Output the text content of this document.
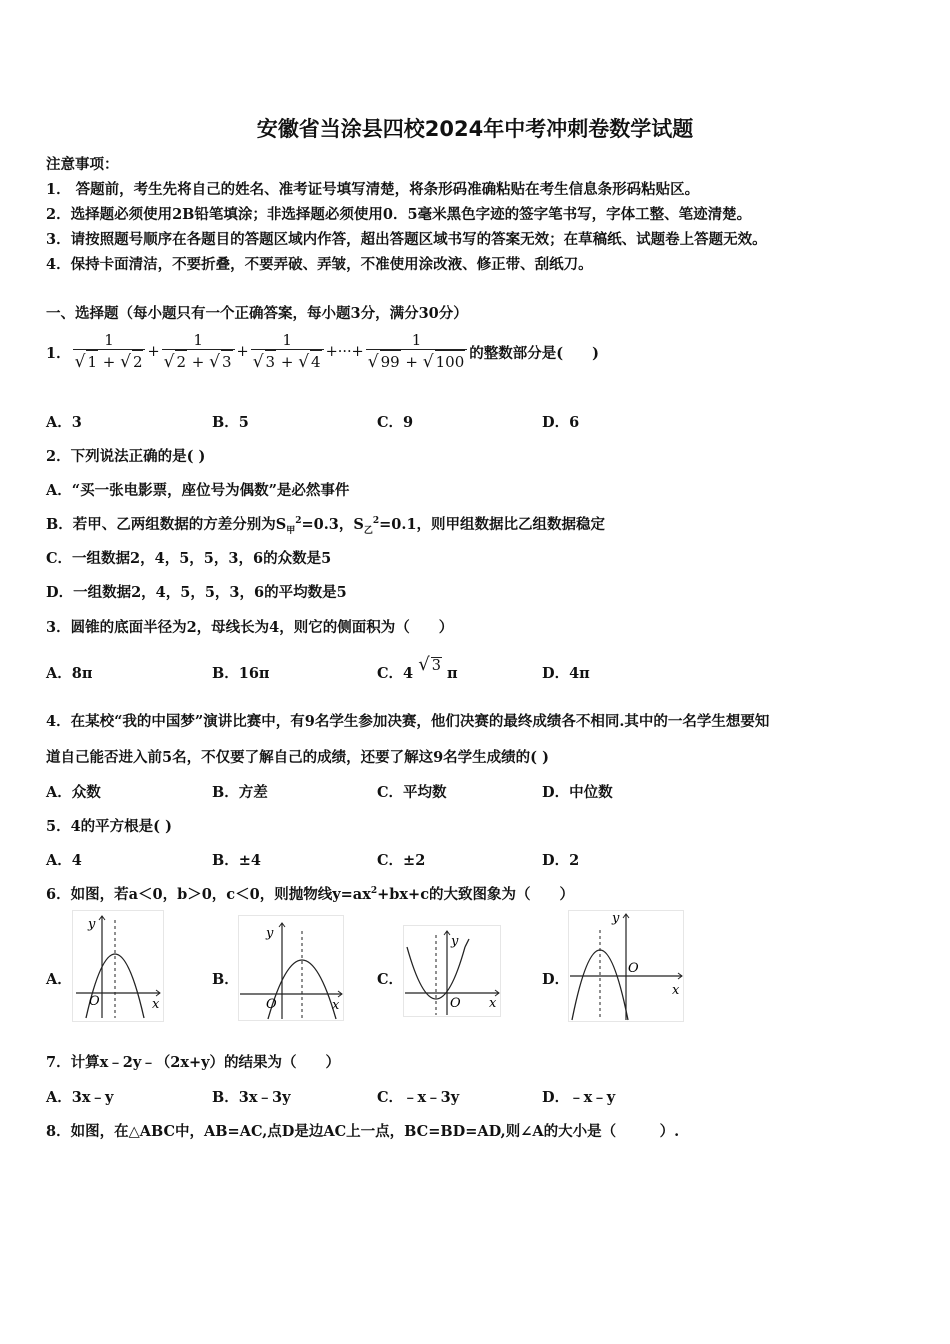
安徽省当涂县四校2024年中考冲刺卷数学试题
注意事项：
1． 答题前，考生先将自己的姓名、准考证号填写清楚，将条形码准确粘贴在考生信息条形码粘贴区。
2．选择题必须使用2B铅笔填涂；非选择题必须使用0．5毫米黑色字迹的签字笔书写，字体工整、笔迹清楚。
3．请按照题号顺序在各题目的答题区域内作答，超出答题区域书写的答案无效；在草稿纸、试题卷上答题无效。
4．保持卡面清洁，不要折叠，不要弄破、弄皱，不准使用涂改液、修正带、刮纸刀。
一、选择题（每小题只有一个正确答案，每小题3分，满分30分）
1． $\frac{1}{√ 1 + √ 2} + \frac{1}{√ 2 + √ 3} + \frac{1}{√ 3 + √ 4}$ +···+ $\frac{1}{√ 99 + √ 100}$ 的整数部分是(　　)
A．3	B．5	C．9	D．6
2．下列说法正确的是( )
A．“买一张电影票，座位号为偶数”是必然事件
B．若甲、乙两组数据的方差分别为$S_甲^2=0.3$，$S_乙^2=0.1$，则甲组数据比乙组数据稳定
C．一组数据2，4，5，5，3，6的众数是5
D．一组数据2，4，5，5，3，6的平均数是5
3．圆锥的底面半径为2，母线长为4，则它的侧面积为（　　）
A．8π	B．16π	C．4 √ 3 π	D．4π
4．在某校“我的中国梦”演讲比赛中，有9名学生参加决赛，他们决赛的最终成绩各不相同.其中的一名学生想要知
道自己能否进入前5名，不仅要了解自己的成绩，还要了解这9名学生成绩的( )
A．众数	B．方差	C．平均数	D．中位数
5．4的平方根是( )
A．4	B．±4	C．±2	D．2
6．如图，若a＜0，b＞0，c＜0，则抛物线$y=ax^2+bx+c$的大致图象为（　　）
A．	B．	C．	D．
y
x
O
y
x
O
y
x
O
y
x
O
7．计算x﹣2y﹣（2x+y）的结果为（　　）
A．3x﹣y	B．3x﹣3y	C．﹣x﹣3y	D．﹣x﹣y
8．如图，在△ABC中，AB=AC,点D是边AC上一点，BC=BD=AD,则∠A的大小是（　　　）.
